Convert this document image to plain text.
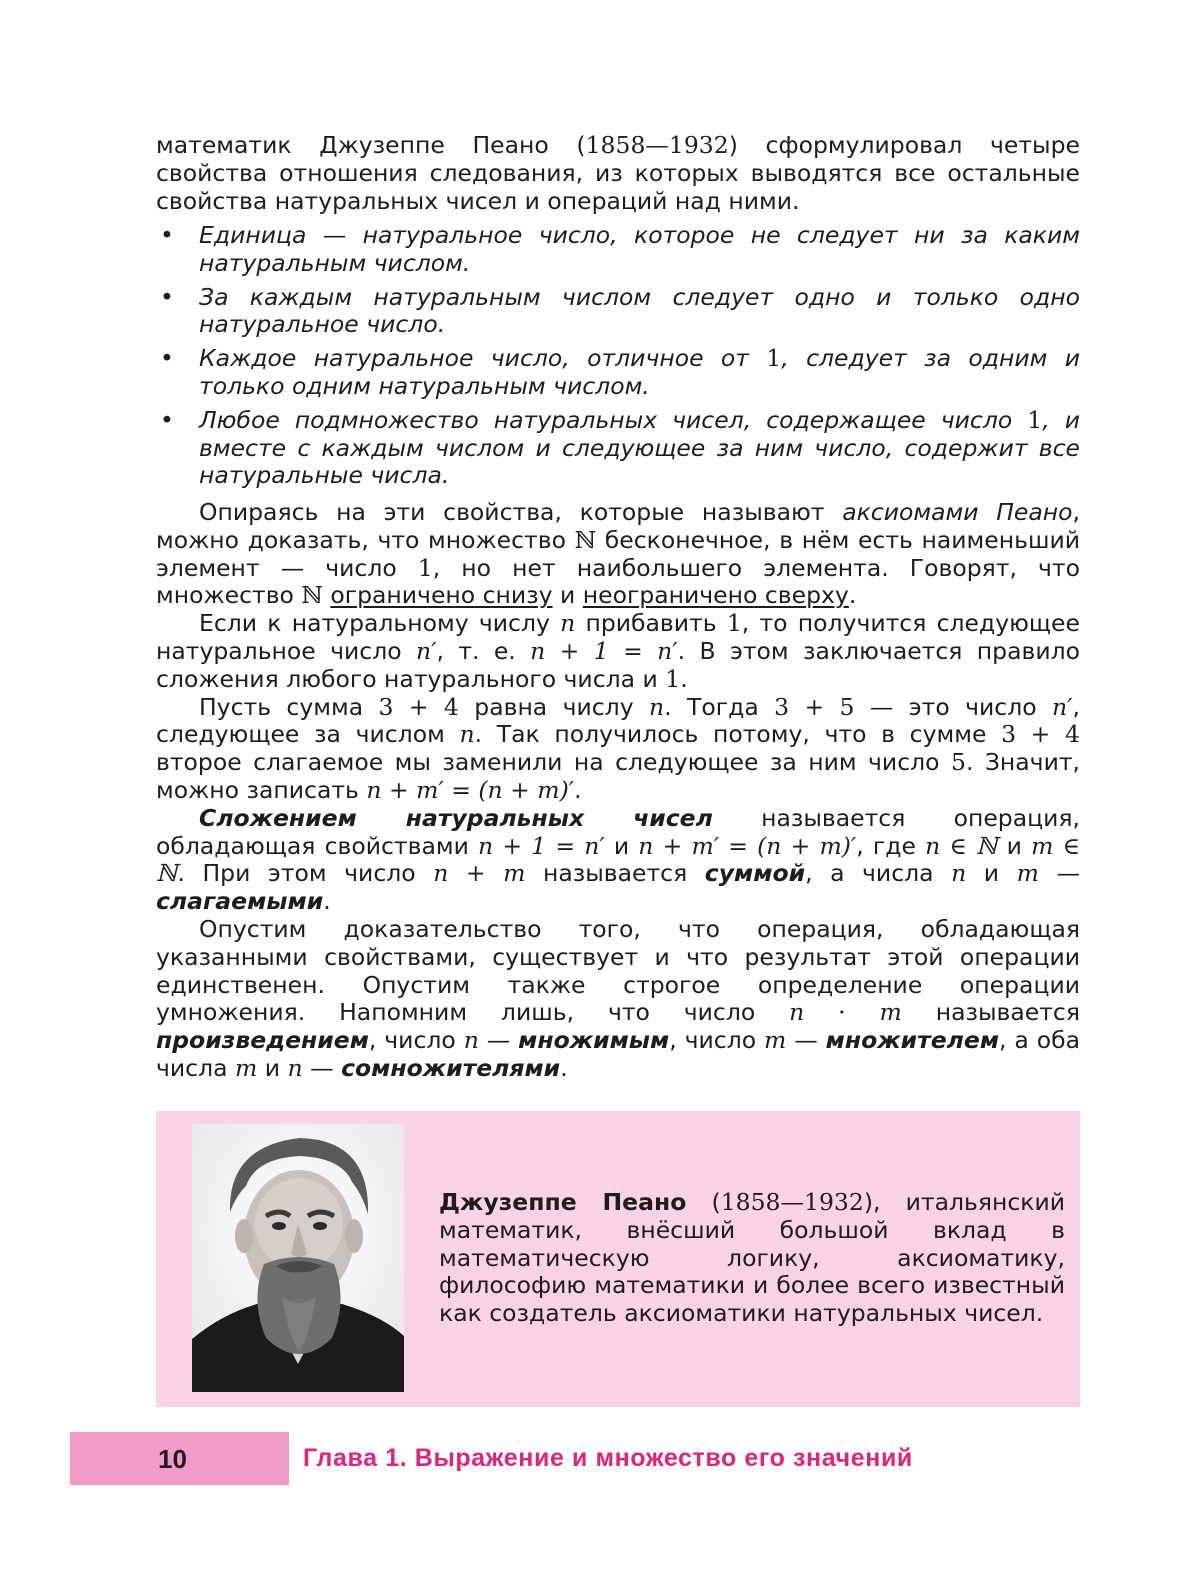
математик Джузеппе Пеано (1858—1932) сформулировал четыре свойства отношения следования, из которых выводятся все остальные свойства натуральных чисел и операций над ними.

• Единица — натуральное число, которое не следует ни за каким натуральным числом.

• За каждым натуральным числом следует одно и только одно натуральное число.

• Каждое натуральное число, отличное от 1, следует за одним и только одним натуральным числом.

• Любое подмножество натуральных чисел, содержащее число 1, и вместе с каждым числом и следующее за ним число, содержит все натуральные числа.

Опираясь на эти свойства, которые называют аксиомами Пеано, можно доказать, что множество ℕ бесконечное, в нём есть наименьший элемент — число 1, но нет наибольшего элемента. Говорят, что множество ℕ ограничено снизу и неограничено сверху.

Если к натуральному числу n прибавить 1, то получится следующее натуральное число n′, т. е. n + 1 = n′. В этом заключается правило сложения любого натурального числа и 1.

Пусть сумма 3 + 4 равна числу n. Тогда 3 + 5 — это число n′, следующее за числом n. Так получилось потому, что в сумме 3 + 4 второе слагаемое мы заменили на следующее за ним число 5. Значит, можно записать n + m′ = (n + m)′.

Сложением натуральных чисел называется операция, обладающая свойствами n + 1 = n′ и n + m′ = (n + m)′, где n ∈ ℕ и m ∈ ℕ. При этом число n + m называется суммой, а числа n и m — слагаемыми.

Опустим доказательство того, что операция, обладающая указанными свойствами, существует и что результат этой операции единственен. Опустим также строгое определение операции умножения. Напомним лишь, что число n · m называется произведением, число n — множимым, число m — множителем, а оба числа m и n — сомножителями.

Джузеппе Пеано (1858—1932), итальянский математик, внёсший большой вклад в математическую логику, аксиоматику, философию математики и более всего известный как создатель аксиоматики натуральных чисел.
10	Глава 1. Выражение и множество его значений
